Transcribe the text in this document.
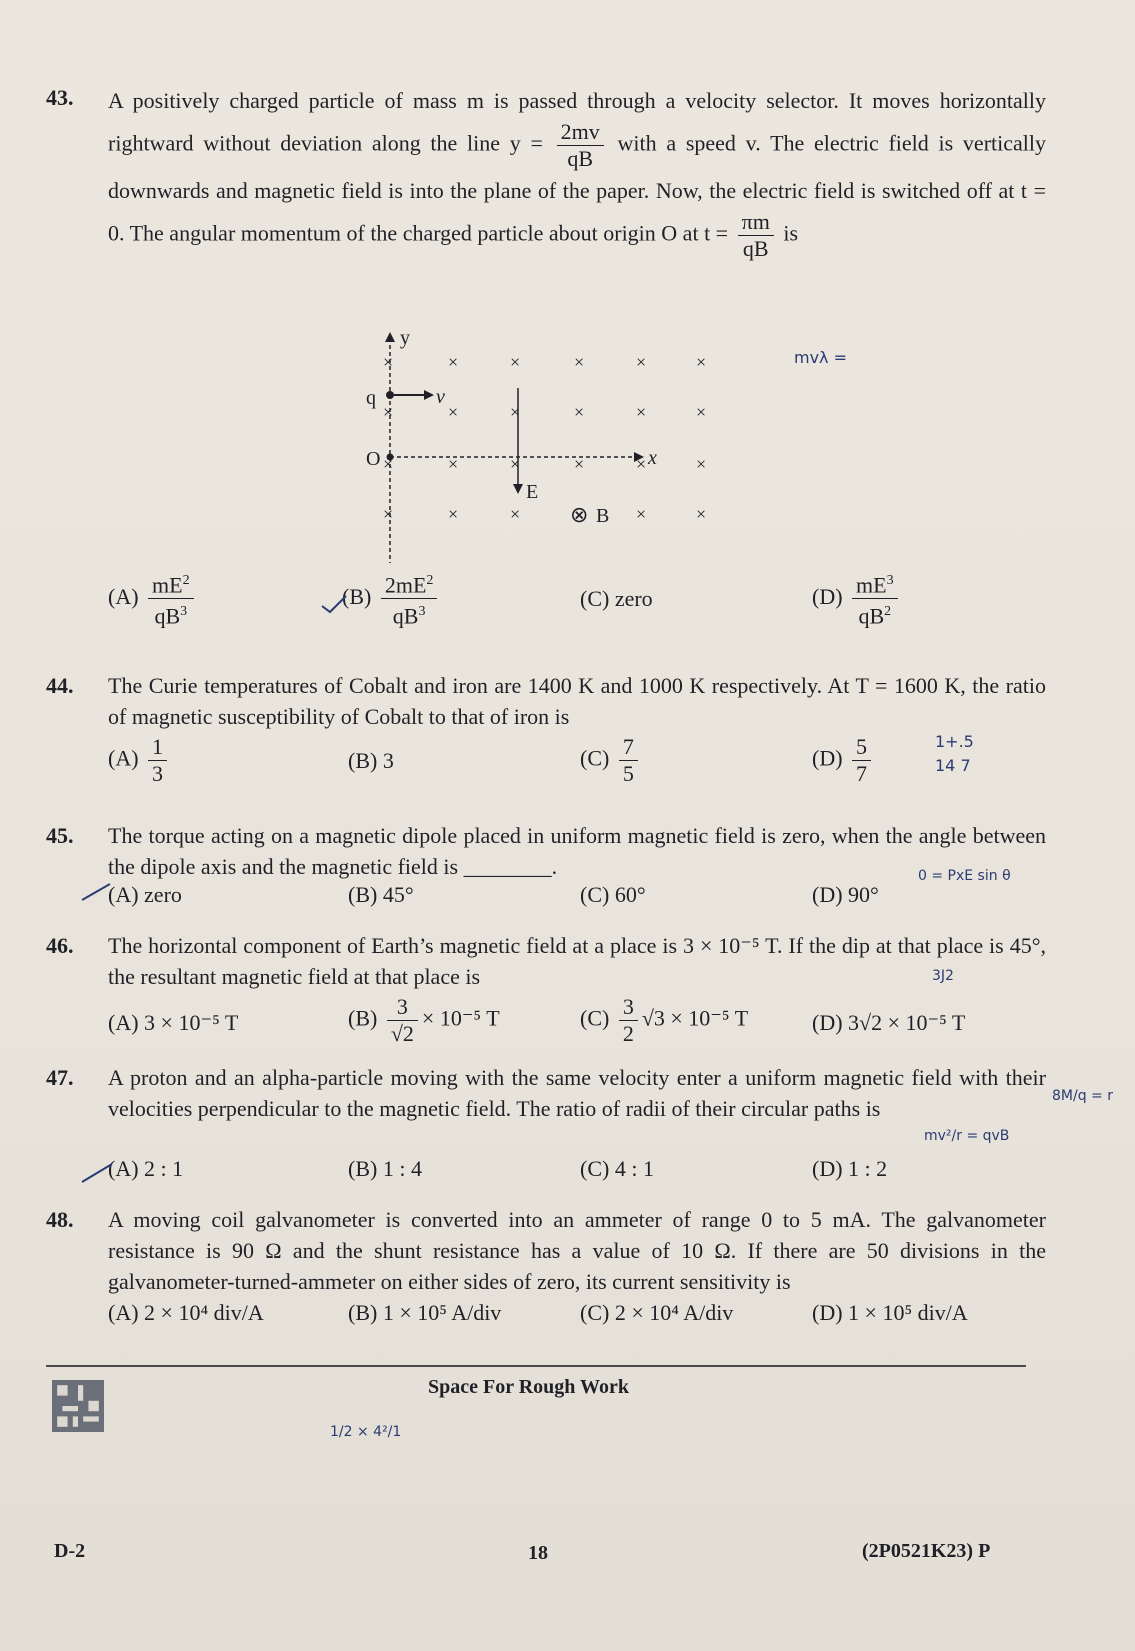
43. A positively charged particle of mass m is passed through a velocity selector. It moves horizontally rightward without deviation along the line $y = \frac{2mv}{qB}$ with a speed v. The electric field is vertically downwards and magnetic field is into the plane of the paper. Now, the electric field is switched off at t = 0. The angular momentum of the charged particle about origin O at $t = \frac{\pi m}{qB}$ is
y
x
O
q	v
E
×	×	×	×	×	×
×	×	×	×	×	×
×	×	×	×	×	×
×	×	×	×	×
⊗ B
$(A) \frac{mE^2}{qB^3}$	$(B) \frac{2mE^2}{qB^3}$	(C) zero	$(D) \frac{mE^3}{qB^2}$
44. The Curie temperatures of Cobalt and iron are 1400 K and 1000 K respectively. At T = 1600 K, the ratio of magnetic susceptibility of Cobalt to that of iron is
$(A) \frac{1}{3}$	(B) 3	$(C) \frac{7}{5}$	$(D) \frac{5}{7}$
45. The torque acting on a magnetic dipole placed in uniform magnetic field is zero, when the angle between the dipole axis and the magnetic field is ________.
(A) zero	(B) 45°	(C) 60°	(D) 90°
46. The horizontal component of Earth’s magnetic field at a place is 3 × 10⁻⁵ T. If the dip at that place is 45°, the resultant magnetic field at that place is
(A) 3 × 10⁻⁵ T	$(B) \frac{3}{√2} \times 10^{-5}$ T	$(C) \frac{3}{2} √3 \times 10^{-5}$ T	(D) 3√2 × 10⁻⁵ T
47. A proton and an alpha-particle moving with the same velocity enter a uniform magnetic field with their velocities perpendicular to the magnetic field. The ratio of radii of their circular paths is
(A) 2 : 1	(B) 1 : 4	(C) 4 : 1	(D) 1 : 2
48. A moving coil galvanometer is converted into an ammeter of range 0 to 5 mA. The galvanometer resistance is 90 Ω and the shunt resistance has a value of 10 Ω. If there are 50 divisions in the galvanometer-turned-ammeter on either sides of zero, its current sensitivity is
(A) 2 × 10⁴ div/A	(B) 1 × 10⁵ A/div	(C) 2 × 10⁴ A/div	(D) 1 × 10⁵ div/A
Space For Rough Work
D-2	18	(2P0521K23) P
mvλ =
1+.5
14 7
0 = PxE sin θ
3J2
8M/q = r
mv²/r = qvB
1/2 × 4²/1
